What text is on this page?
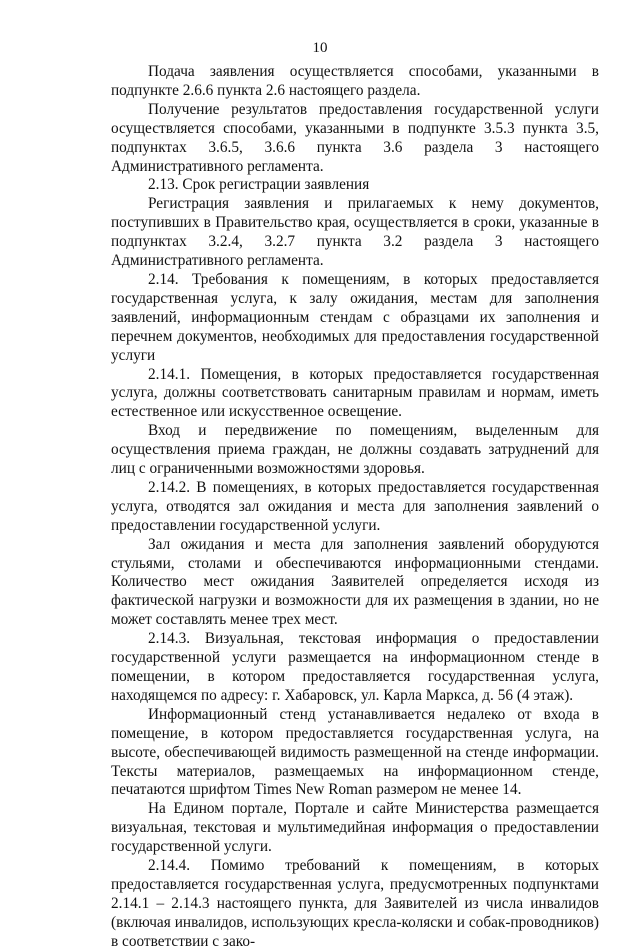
10

Подача заявления осуществляется способами, указанными в подпункте 2.6.6 пункта 2.6 настоящего раздела.

Получение результатов предоставления государственной услуги осуществляется способами, указанными в подпункте 3.5.3 пункта 3.5, подпунктах 3.6.5, 3.6.6 пункта 3.6 раздела 3 настоящего Административного регламента.

2.13. Срок регистрации заявления

Регистрация заявления и прилагаемых к нему документов, поступивших в Правительство края, осуществляется в сроки, указанные в подпунктах 3.2.4, 3.2.7 пункта 3.2 раздела 3 настоящего Административного регламента.

2.14. Требования к помещениям, в которых предоставляется государственная услуга, к залу ожидания, местам для заполнения заявлений, информационным стендам с образцами их заполнения и перечнем документов, необходимых для предоставления государственной услуги

2.14.1. Помещения, в которых предоставляется государственная услуга, должны соответствовать санитарным правилам и нормам, иметь естественное или искусственное освещение.

Вход и передвижение по помещениям, выделенным для осуществления приема граждан, не должны создавать затруднений для лиц с ограниченными возможностями здоровья.

2.14.2. В помещениях, в которых предоставляется государственная услуга, отводятся зал ожидания и места для заполнения заявлений о предоставлении государственной услуги.

Зал ожидания и места для заполнения заявлений оборудуются стульями, столами и обеспечиваются информационными стендами. Количество мест ожидания Заявителей определяется исходя из фактической нагрузки и возможности для их размещения в здании, но не может составлять менее трех мест.

2.14.3. Визуальная, текстовая информация о предоставлении государственной услуги размещается на информационном стенде в помещении, в котором предоставляется государственная услуга, находящемся по адресу: г. Хабаровск, ул. Карла Маркса, д. 56 (4 этаж).

Информационный стенд устанавливается недалеко от входа в помещение, в котором предоставляется государственная услуга, на высоте, обеспечивающей видимость размещенной на стенде информации. Тексты материалов, размещаемых на информационном стенде, печатаются шрифтом Times New Roman размером не менее 14.

На Едином портале, Портале и сайте Министерства размещается визуальная, текстовая и мультимедийная информация о предоставлении государственной услуги.

2.14.4. Помимо требований к помещениям, в которых предоставляется государственная услуга, предусмотренных подпунктами 2.14.1 – 2.14.3 настоящего пункта, для Заявителей из числа инвалидов (включая инвалидов, использующих кресла-коляски и собак-проводников) в соответствии с зако-
